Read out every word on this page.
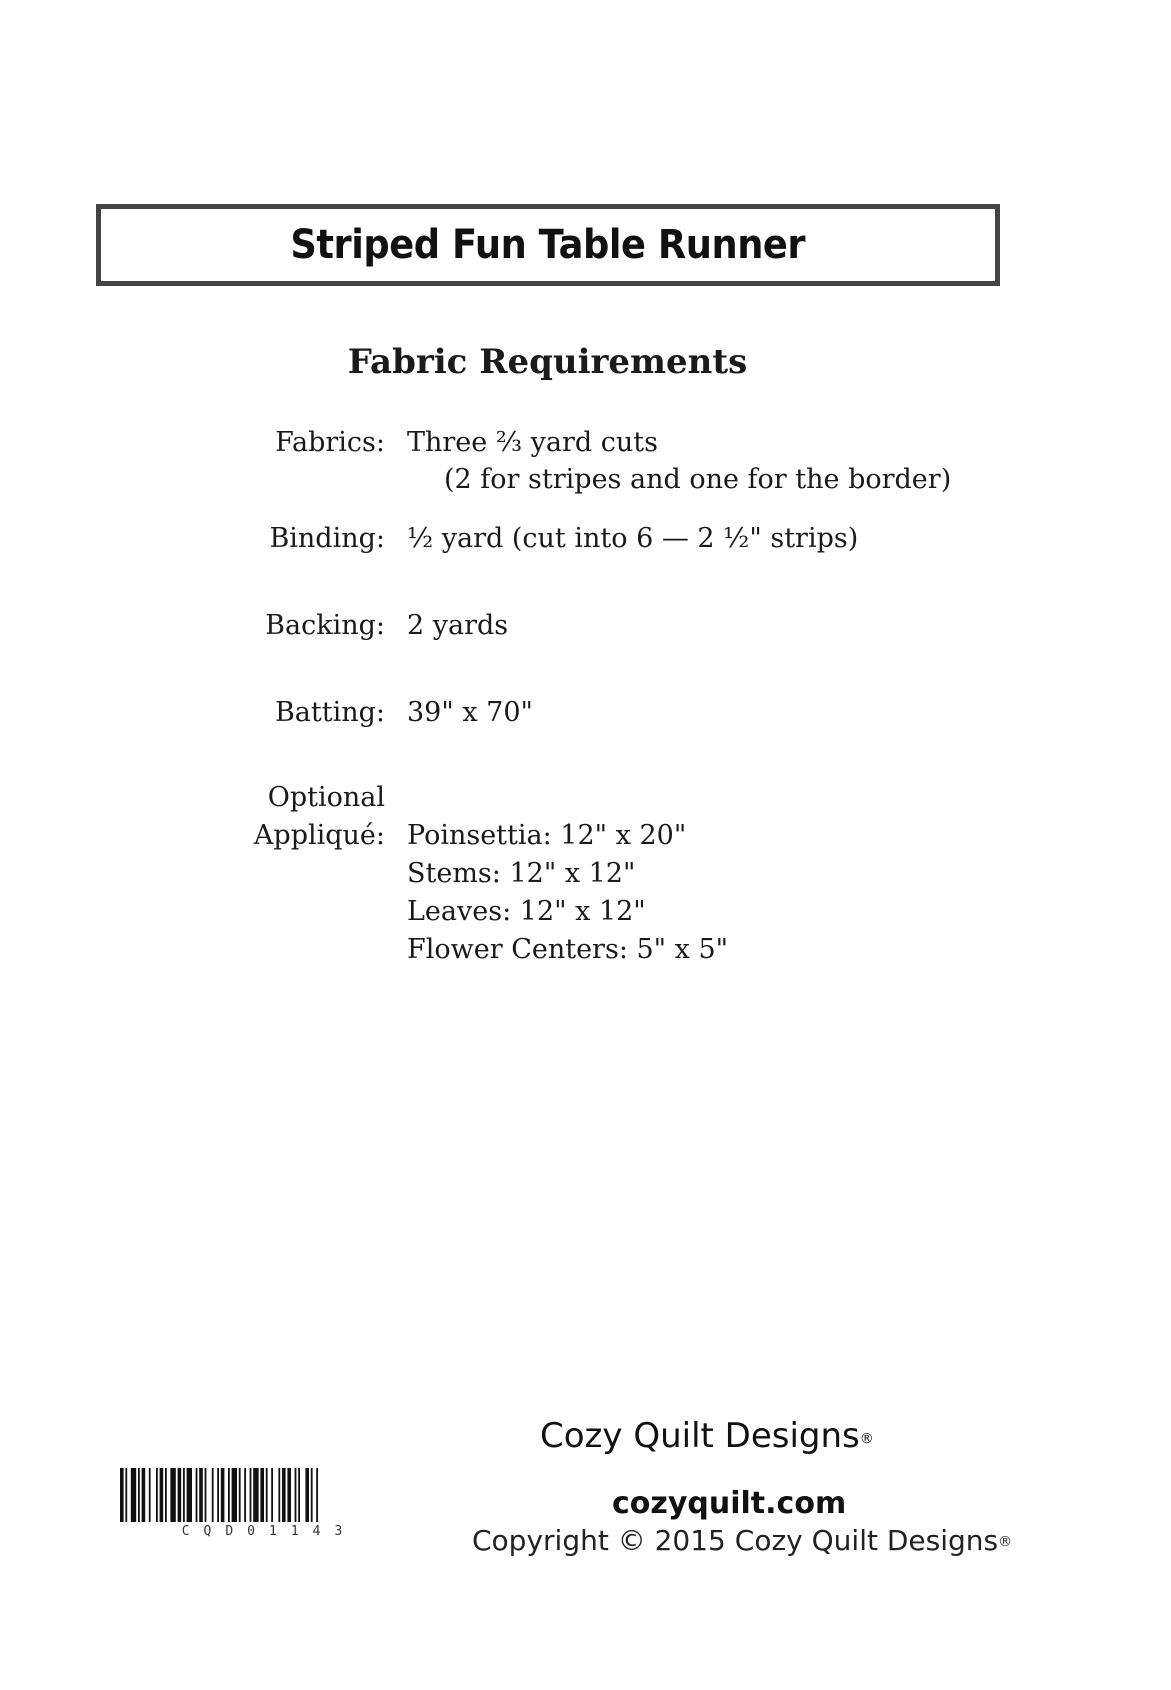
Striped Fun Table Runner
Fabric Requirements
Fabrics: Three ⅔ yard cuts
(2 for stripes and one for the border)
Binding: ½ yard (cut into 6 — 2 ½" strips)
Backing: 2 yards
Batting: 39" x 70"
Optional
Appliqué: Poinsettia: 12" x 20"
Stems: 12" x 12"
Leaves: 12" x 12"
Flower Centers: 5" x 5"
Cozy Quilt Designs®
cozyquilt.com
Copyright © 2015 Cozy Quilt Designs®
CQD01143
